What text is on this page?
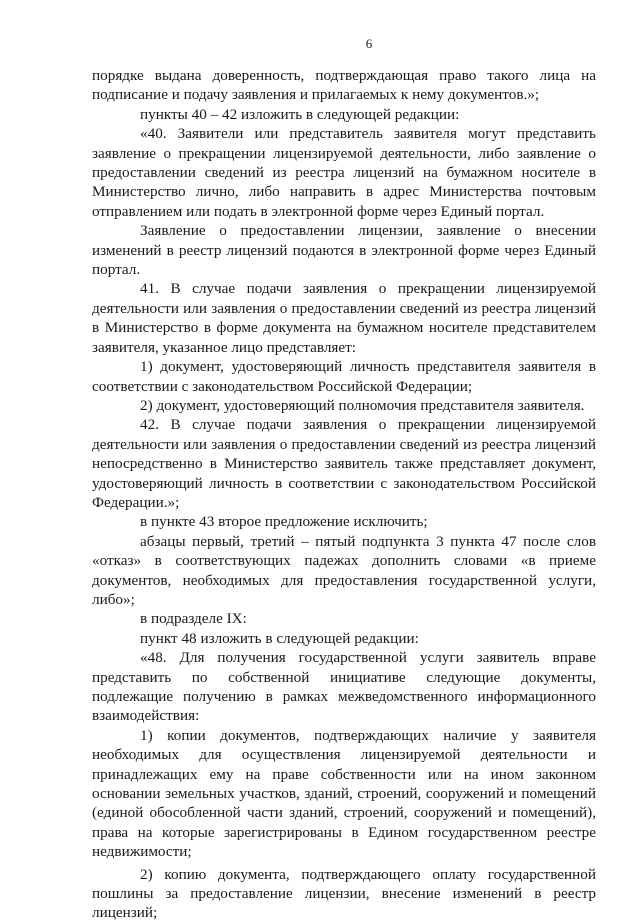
6

порядке выдана доверенность, подтверждающая право такого лица на подписание и подачу заявления и прилагаемых к нему документов.»;

пункты 40 – 42 изложить в следующей редакции:

«40. Заявители или представитель заявителя могут представить заявление о прекращении лицензируемой деятельности, либо заявление о предоставлении сведений из реестра лицензий на бумажном носителе в Министерство лично, либо направить в адрес Министерства почтовым отправлением или подать в электронной форме через Единый портал.

Заявление о предоставлении лицензии, заявление о внесении изменений в реестр лицензий подаются в электронной форме через Единый портал.

41. В случае подачи заявления о прекращении лицензируемой деятельности или заявления о предоставлении сведений из реестра лицензий в Министерство в форме документа на бумажном носителе представителем заявителя, указанное лицо представляет:

1) документ, удостоверяющий личность представителя заявителя в соответствии с законодательством Российской Федерации;

2) документ, удостоверяющий полномочия представителя заявителя.

42. В случае подачи заявления о прекращении лицензируемой деятельности или заявления о предоставлении сведений из реестра лицензий непосредственно в Министерство заявитель также представляет документ, удостоверяющий личность в соответствии с законодательством Российской Федерации.»;

в пункте 43 второе предложение исключить;

абзацы первый, третий – пятый подпункта 3 пункта 47 после слов «отказ» в соответствующих падежах дополнить словами «в приеме документов, необходимых для предоставления государственной услуги, либо»;

в подразделе IX:

пункт 48 изложить в следующей редакции:

«48. Для получения государственной услуги заявитель вправе представить по собственной инициативе следующие документы, подлежащие получению в рамках межведомственного информационного взаимодействия:

1) копии документов, подтверждающих наличие у заявителя необходимых для осуществления лицензируемой деятельности и принадлежащих ему на праве собственности или на ином законном основании земельных участков, зданий, строений, сооружений и помещений (единой обособленной части зданий, строений, сооружений и помещений), права на которые зарегистрированы в Едином государственном реестре недвижимости;

2) копию документа, подтверждающего оплату государственной пошлины за предоставление лицензии, внесение изменений в реестр лицензий;
